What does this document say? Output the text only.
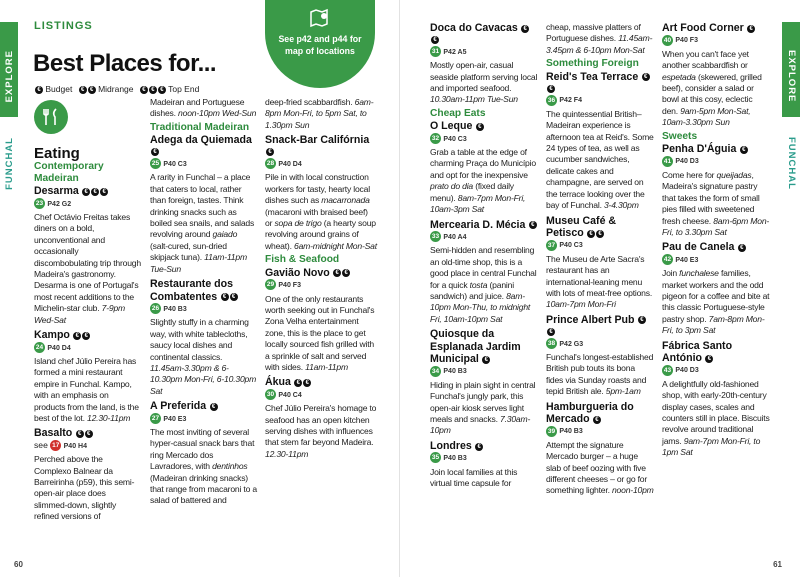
EXPLORE
FUNCHAL
LISTINGS
Best Places for...
€ Budget € € Midrange € € € Top End
See p42 and p44 for map of locations
Eating
Contemporary Madeiran
Desarma € € €

23 P42 G2

Chef Octávio Freitas takes diners on a bold, unconventional and occasionally discombobulating trip through Madeira's gastronomy. Desarma is one of Portugal's most recent additions to the Michelin-star club. 7-9pm Wed-Sat

Kampo € €

24 P40 D4

Island chef Júlio Pereira has formed a mini restaurant empire in Funchal. Kampo, with an emphasis on products from the land, is the best of the lot. 12.30-11pm

Basalto € €

see 17 P40 H4

Perched above the Complexo Balnear da Barreirinha (p59), this semi-open-air place does slimmed-down, slightly refined versions of

Madeiran and Portuguese dishes. noon-10pm Wed-Sun

Traditional Madeiran
Adega da Quiemada €

25 P40 C3

A rarity in Funchal – a place that caters to local, rather than foreign, tastes. Think drinking snacks such as boiled sea snails, and salads revolving around gaiado (salt-cured, sun-dried skipjack tuna). 11am-11pm Tue-Sun

Restaurante dos Combatentes € €

26 P40 B3

Slightly stuffy in a charming way, with white tablecloths, saucy local dishes and continental classics. 11.45am-3.30pm & 6-10.30pm Mon-Fri, 6-10.30pm Sat

A Preferida €

27 P40 E3

The most inviting of several hyper-casual snack bars that ring Mercado dos Lavradores, with dentinhos (Madeiran drinking snacks) that range from macaroni to a salad of battered and

deep-fried scabbardfish. 6am-8pm Mon-Fri, to 5pm Sat, to 1.30pm Sun

Snack-Bar Califórnia €

28 P40 D4

Pile in with local construction workers for tasty, hearty local dishes such as macarronada (macaroni with braised beef) or sopa de trigo (a hearty soup revolving around grains of wheat). 6am-midnight Mon-Sat

Fish & Seafood
Gavião Novo € €

29 P40 F3

One of the only restaurants worth seeking out in Funchal's Zona Velha entertainment zone, this is the place to get locally sourced fish grilled with a sprinkle of salt and served with sides. 11am-11pm

Ákua € €

30 P40 C4

Chef Júlio Pereira's homage to seafood has an open kitchen serving dishes with influences that stem far beyond Madeira. 12.30-11pm

60
Doca do Cavacas €€

31 P42 A5

Mostly open-air, casual seaside platform serving local and imported seafood. 10.30am-11pm Tue-Sun

Cheap Eats
O Leque €

32 P40 C3

Grab a table at the edge of charming Praça do Município and opt for the inexpensive prato do dia (fixed daily menu). 8am-7pm Mon-Fri, 10am-3pm Sat

Mercearia D. Mécia €

33 P40 A4

Semi-hidden and resembling an old-time shop, this is a good place in central Funchal for a quick tosta (panini sandwich) and juice. 8am-10pm Mon-Thu, to midnight Fri, 10am-10pm Sat

Quiosque da Esplanada Jardim Municipal €

34 P40 B3

Hiding in plain sight in central Funchal's jungly park, this open-air kiosk serves light meals and snacks. 7.30am-10pm

Londres €

35 P40 B3

Join local families at this virtual time capsule for

cheap, massive platters of Portuguese dishes. 11.45am-3.45pm & 6-10pm Mon-Sat

Something Foreign
Reid's Tea Terrace €€

36 P42 F4

The quintessential British–Madeiran experience is afternoon tea at Reid's. Some 24 types of tea, as well as cucumber sandwiches, delicate cakes and champagne, are served on the terrace looking over the bay of Funchal. 3-4.30pm

Museu Café & Petisco € €

37 P40 C3

The Museu de Arte Sacra's restaurant has an international-leaning menu with lots of meat-free options. 10am-7pm Mon-Fri

Prince Albert Pub €€

38 P42 G3

Funchal's longest-established British pub touts its bona fides via Sunday roasts and tepid British ale. 5pm-1am

Hamburgueria do Mercado €

39 P40 B3

Attempt the signature Mercado burger – a huge slab of beef oozing with five different cheeses – or go for something lighter. noon-10pm

Art Food Corner €

40 P40 F3

When you can't face yet another scabbardfish or espetada (skewered, grilled beef), consider a salad or bowl at this cosy, eclectic den. 9am-5pm Mon-Sat, 10am-3.30pm Sun

Sweets
Penha D'Águia €

41 P40 D3

Come here for queijadas, Madeira's signature pastry that takes the form of small pies filled with sweetened fresh cheese. 8am-6pm Mon-Fri, to 3.30pm Sat

Pau de Canela €

42 P40 E3

Join funchalese families, market workers and the odd pigeon for a coffee and bite at this classic Portuguese-style pastry shop. 7am-8pm Mon-Fri, to 3pm Sat

Fábrica Santo António €

43 P40 D3

A delightfully old-fashioned shop, with early-20th-century display cases, scales and counters still in place. Biscuits revolve around traditional jams. 9am-7pm Mon-Fri, to 1pm Sat

EXPLORE
FUNCHAL
61
